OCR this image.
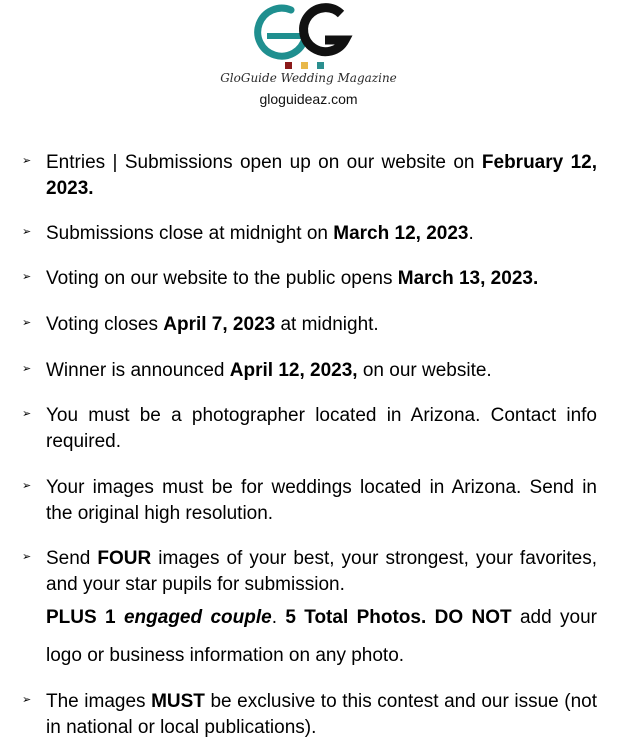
GloGuide Wedding Magazine
gloguideaz.com
➢ Entries | Submissions open up on our website on February 12, 2023.
➢ Submissions close at midnight on March 12, 2023.
➢ Voting on our website to the public opens March 13, 2023.
➢ Voting closes April 7, 2023 at midnight.
➢ Winner is announced April 12, 2023, on our website.
➢ You must be a photographer located in Arizona. Contact info required.
➢ Your images must be for weddings located in Arizona. Send in the original high resolution.
➢ Send FOUR images of your best, your strongest, your favorites, and your star pupils for submission.
PLUS 1 engaged couple. 5 Total Photos. DO NOT add your logo or business information on any photo.
➢ The images MUST be exclusive to this contest and our issue (not in national or local publications).
